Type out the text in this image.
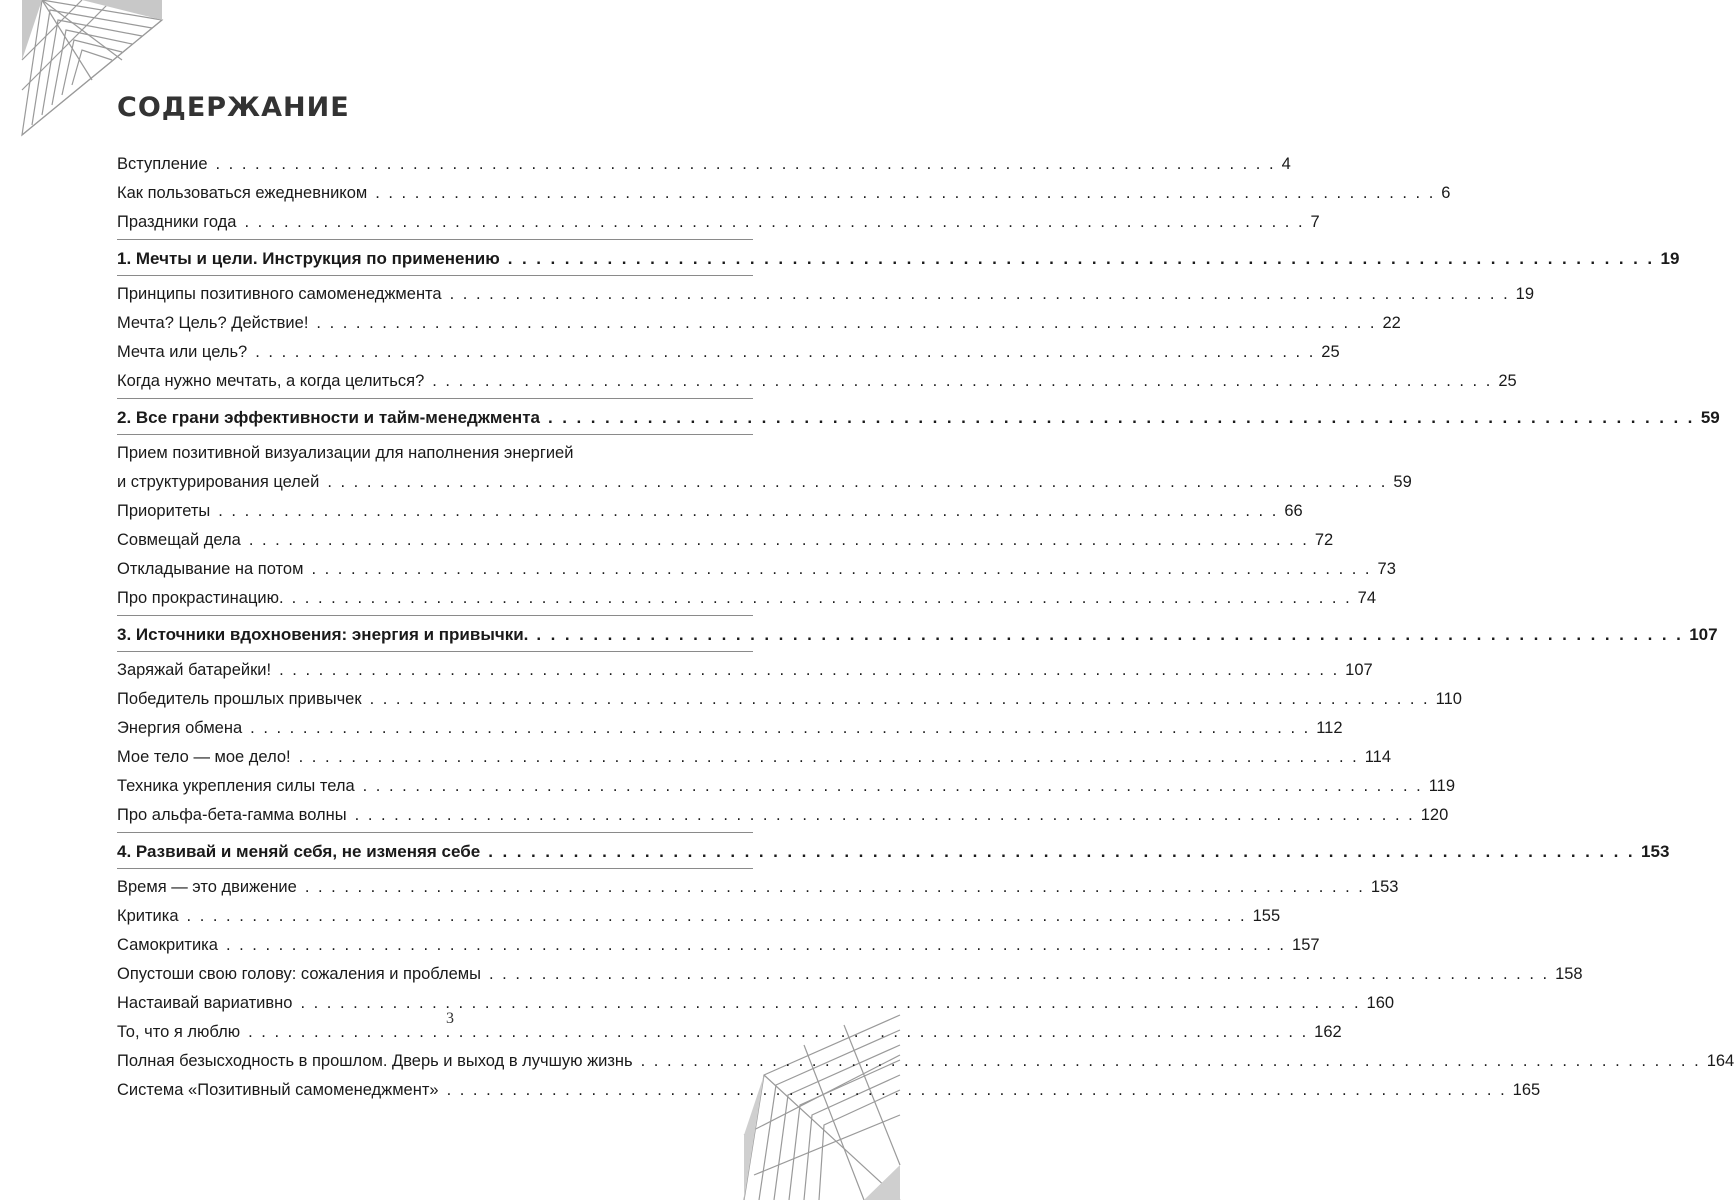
СОДЕРЖАНИЕ
Вступление . . . . . . . . . . . . . . . . . . . . . . . . . . . . . . . . . . . . . . . . . . . . . . . . . . . . . . . . . . . . . . . . . . . . . . . . . . . . . . . . . 4
Как пользоваться ежедневником . . . . . . . . . . . . . . . . . . . . . . . . . . . . . . . . . . . . . . . . . . . . . . . . . . . . . . . . . . . . . . . . . . . . . . . . . . . . . . . . . 6
Праздники года . . . . . . . . . . . . . . . . . . . . . . . . . . . . . . . . . . . . . . . . . . . . . . . . . . . . . . . . . . . . . . . . . . . . . . . . . . . . . . . . . 7
1. Мечты и цели. Инструкция по применению . . . . . . . . . . . . . . . . . . . . . . . . . . . . . . . . . . . . . . . . . . . . . . . . . . . . . . . . . . . . . . . . . . . . . . . . . . . . . . . . . 19
Принципы позитивного самоменеджмента . . . . . . . . . . . . . . . . . . . . . . . . . . . . . . . . . . . . . . . . . . . . . . . . . . . . . . . . . . . . . . . . . . . . . . . . . . . . . . . . . 19
Мечта? Цель? Действие! . . . . . . . . . . . . . . . . . . . . . . . . . . . . . . . . . . . . . . . . . . . . . . . . . . . . . . . . . . . . . . . . . . . . . . . . . . . . . . . . . 22
Мечта или цель? . . . . . . . . . . . . . . . . . . . . . . . . . . . . . . . . . . . . . . . . . . . . . . . . . . . . . . . . . . . . . . . . . . . . . . . . . . . . . . . . . 25
Когда нужно мечтать, а когда целиться? . . . . . . . . . . . . . . . . . . . . . . . . . . . . . . . . . . . . . . . . . . . . . . . . . . . . . . . . . . . . . . . . . . . . . . . . . . . . . . . . . 25
2. Все грани эффективности и тайм-менеджмента . . . . . . . . . . . . . . . . . . . . . . . . . . . . . . . . . . . . . . . . . . . . . . . . . . . . . . . . . . . . . . . . . . . . . . . . . . . . . . . . . 59
Прием позитивной визуализации для наполнения энергией
и структурирования целей . . . . . . . . . . . . . . . . . . . . . . . . . . . . . . . . . . . . . . . . . . . . . . . . . . . . . . . . . . . . . . . . . . . . . . . . . . . . . . . . . 59
Приоритеты . . . . . . . . . . . . . . . . . . . . . . . . . . . . . . . . . . . . . . . . . . . . . . . . . . . . . . . . . . . . . . . . . . . . . . . . . . . . . . . . . 66
Совмещай дела . . . . . . . . . . . . . . . . . . . . . . . . . . . . . . . . . . . . . . . . . . . . . . . . . . . . . . . . . . . . . . . . . . . . . . . . . . . . . . . . . 72
Откладывание на потом . . . . . . . . . . . . . . . . . . . . . . . . . . . . . . . . . . . . . . . . . . . . . . . . . . . . . . . . . . . . . . . . . . . . . . . . . . . . . . . . . 73
Про прокрастинацию. . . . . . . . . . . . . . . . . . . . . . . . . . . . . . . . . . . . . . . . . . . . . . . . . . . . . . . . . . . . . . . . . . . . . . . . . . . . . . . . . . 74
3. Источники вдохновения: энергия и привычки. . . . . . . . . . . . . . . . . . . . . . . . . . . . . . . . . . . . . . . . . . . . . . . . . . . . . . . . . . . . . . . . . . . . . . . . . . . . . . . . . . 107
Заряжай батарейки! . . . . . . . . . . . . . . . . . . . . . . . . . . . . . . . . . . . . . . . . . . . . . . . . . . . . . . . . . . . . . . . . . . . . . . . . . . . . . . . . . 107
Победитель прошлых привычек . . . . . . . . . . . . . . . . . . . . . . . . . . . . . . . . . . . . . . . . . . . . . . . . . . . . . . . . . . . . . . . . . . . . . . . . . . . . . . . . . 110
Энергия обмена . . . . . . . . . . . . . . . . . . . . . . . . . . . . . . . . . . . . . . . . . . . . . . . . . . . . . . . . . . . . . . . . . . . . . . . . . . . . . . . . . 112
Мое тело — мое дело! . . . . . . . . . . . . . . . . . . . . . . . . . . . . . . . . . . . . . . . . . . . . . . . . . . . . . . . . . . . . . . . . . . . . . . . . . . . . . . . . . 114
Техника укрепления силы тела . . . . . . . . . . . . . . . . . . . . . . . . . . . . . . . . . . . . . . . . . . . . . . . . . . . . . . . . . . . . . . . . . . . . . . . . . . . . . . . . . 119
Про альфа-бета-гамма волны . . . . . . . . . . . . . . . . . . . . . . . . . . . . . . . . . . . . . . . . . . . . . . . . . . . . . . . . . . . . . . . . . . . . . . . . . . . . . . . . . 120
4. Развивай и меняй себя, не изменяя себе . . . . . . . . . . . . . . . . . . . . . . . . . . . . . . . . . . . . . . . . . . . . . . . . . . . . . . . . . . . . . . . . . . . . . . . . . . . . . . . . . 153
Время — это движение . . . . . . . . . . . . . . . . . . . . . . . . . . . . . . . . . . . . . . . . . . . . . . . . . . . . . . . . . . . . . . . . . . . . . . . . . . . . . . . . . 153
Критика . . . . . . . . . . . . . . . . . . . . . . . . . . . . . . . . . . . . . . . . . . . . . . . . . . . . . . . . . . . . . . . . . . . . . . . . . . . . . . . . . 155
Самокритика . . . . . . . . . . . . . . . . . . . . . . . . . . . . . . . . . . . . . . . . . . . . . . . . . . . . . . . . . . . . . . . . . . . . . . . . . . . . . . . . . 157
Опустоши свою голову: сожаления и проблемы . . . . . . . . . . . . . . . . . . . . . . . . . . . . . . . . . . . . . . . . . . . . . . . . . . . . . . . . . . . . . . . . . . . . . . . . . . . . . . . . . 158
Настаивай вариативно . . . . . . . . . . . . . . . . . . . . . . . . . . . . . . . . . . . . . . . . . . . . . . . . . . . . . . . . . . . . . . . . . . . . . . . . . . . . . . . . . 160
То, что я люблю . . . . . . . . . . . . . . . . . . . . . . . . . . . . . . . . . . . . . . . . . . . . . . . . . . . . . . . . . . . . . . . . . . . . . . . . . . . . . . . . . 162
Полная безысходность в прошлом. Дверь и выход в лучшую жизнь . . . . . . . . . . . . . . . . . . . . . . . . . . . . . . . . . . . . . . . . . . . . . . . . . . . . . . . . . . . . . . . . . . . . . . . . . . . . . . . . . 164
Система «Позитивный самоменеджмент» . . . . . . . . . . . . . . . . . . . . . . . . . . . . . . . . . . . . . . . . . . . . . . . . . . . . . . . . . . . . . . . . . . . . . . . . . . . . . . . . . 165
3
